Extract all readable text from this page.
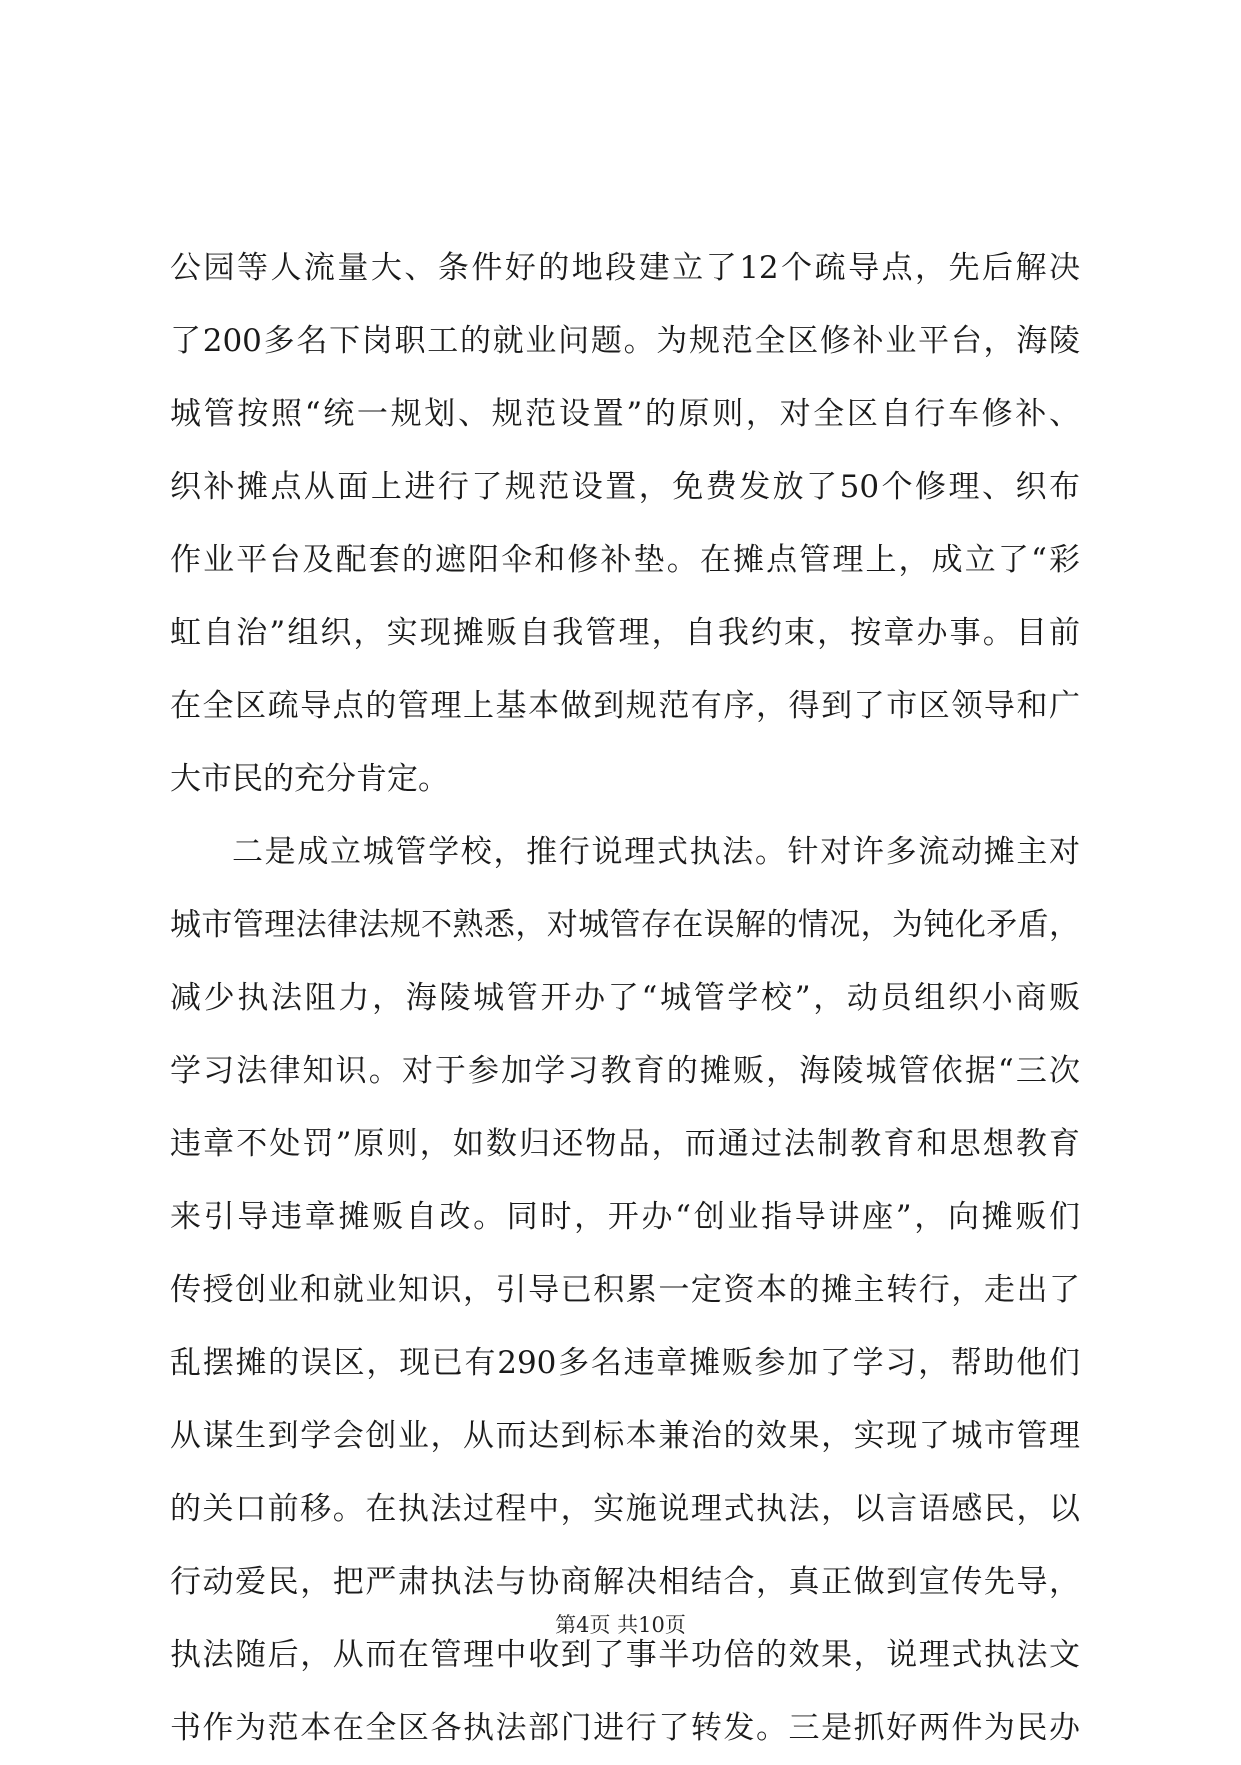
公园等人流量大、条件好的地段建立了12个疏导点，先后解决
了200多名下岗职工的就业问题。为规范全区修补业平台，海陵
城管按照“统一规划、规范设置”的原则，对全区自行车修补、
织补摊点从面上进行了规范设置，免费发放了50个修理、织布
作业平台及配套的遮阳伞和修补垫。在摊点管理上，成立了“彩
虹自治”组织，实现摊贩自我管理，自我约束，按章办事。目前
在全区疏导点的管理上基本做到规范有序，得到了市区领导和广
大市民的充分肯定。
二是成立城管学校，推行说理式执法。针对许多流动摊主对
城市管理法律法规不熟悉，对城管存在误解的情况，为钝化矛盾，
减少执法阻力，海陵城管开办了“城管学校”，动员组织小商贩
学习法律知识。对于参加学习教育的摊贩，海陵城管依据“三次
违章不处罚”原则，如数归还物品，而通过法制教育和思想教育
来引导违章摊贩自改。同时，开办“创业指导讲座”，向摊贩们
传授创业和就业知识，引导已积累一定资本的摊主转行，走出了
乱摆摊的误区，现已有290多名违章摊贩参加了学习，帮助他们
从谋生到学会创业，从而达到标本兼治的效果，实现了城市管理
的关口前移。在执法过程中，实施说理式执法，以言语感民，以
行动爱民，把严肃执法与协商解决相结合，真正做到宣传先导，
执法随后，从而在管理中收到了事半功倍的效果，说理式执法文
书作为范本在全区各执法部门进行了转发。三是抓好两件为民办
第4页 共10页
